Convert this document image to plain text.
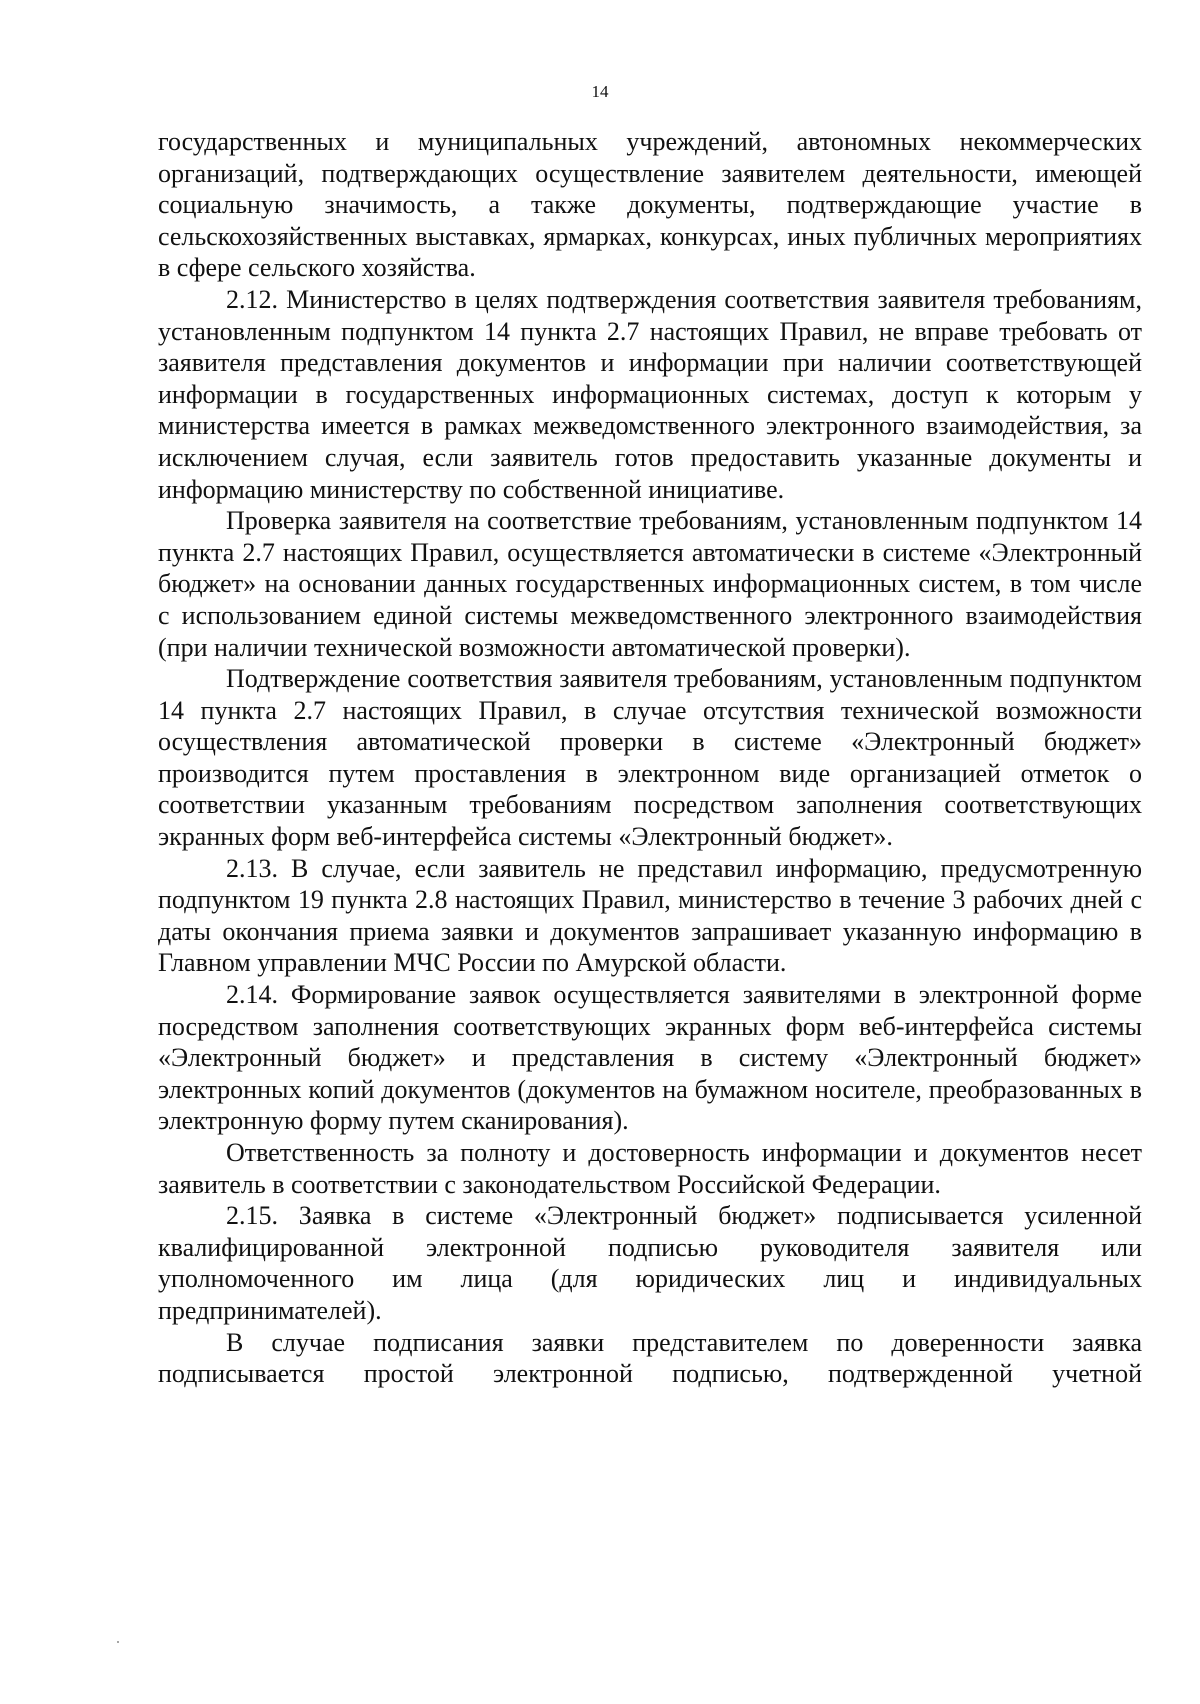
14

государственных и муниципальных учреждений, автономных некоммерческих организаций, подтверждающих осуществление заявителем деятельности, имеющей социальную значимость, а также документы, подтверждающие участие в сельскохозяйственных выставках, ярмарках, конкурсах, иных публичных мероприятиях в сфере сельского хозяйства.

2.12. Министерство в целях подтверждения соответствия заявителя требованиям, установленным подпунктом 14 пункта 2.7 настоящих Правил, не вправе требовать от заявителя представления документов и информации при наличии соответствующей информации в государственных информационных системах, доступ к которым у министерства имеется в рамках межведомственного электронного взаимодействия, за исключением случая, если заявитель готов предоставить указанные документы и информацию министерству по собственной инициативе.

Проверка заявителя на соответствие требованиям, установленным подпунктом 14 пункта 2.7 настоящих Правил, осуществляется автоматически в системе «Электронный бюджет» на основании данных государственных информационных систем, в том числе с использованием единой системы межведомственного электронного взаимодействия (при наличии технической возможности автоматической проверки).

Подтверждение соответствия заявителя требованиям, установленным подпунктом 14 пункта 2.7 настоящих Правил, в случае отсутствия технической возможности осуществления автоматической проверки в системе «Электронный бюджет» производится путем проставления в электронном виде организацией отметок о соответствии указанным требованиям посредством заполнения соответствующих экранных форм веб-интерфейса системы «Электронный бюджет».

2.13. В случае, если заявитель не представил информацию, предусмотренную подпунктом 19 пункта 2.8 настоящих Правил, министерство в течение 3 рабочих дней с даты окончания приема заявки и документов запрашивает указанную информацию в Главном управлении МЧС России по Амурской области.

2.14. Формирование заявок осуществляется заявителями в электронной форме посредством заполнения соответствующих экранных форм веб-интерфейса системы «Электронный бюджет» и представления в систему «Электронный бюджет» электронных копий документов (документов на бумажном носителе, преобразованных в электронную форму путем сканирования).

Ответственность за полноту и достоверность информации и документов несет заявитель в соответствии с законодательством Российской Федерации.

2.15. Заявка в системе «Электронный бюджет» подписывается усиленной квалифицированной электронной подписью руководителя заявителя или уполномоченного им лица (для юридических лиц и индивидуальных предпринимателей).

В случае подписания заявки представителем по доверенности заявка подписывается простой электронной подписью, подтвержденной учетной
